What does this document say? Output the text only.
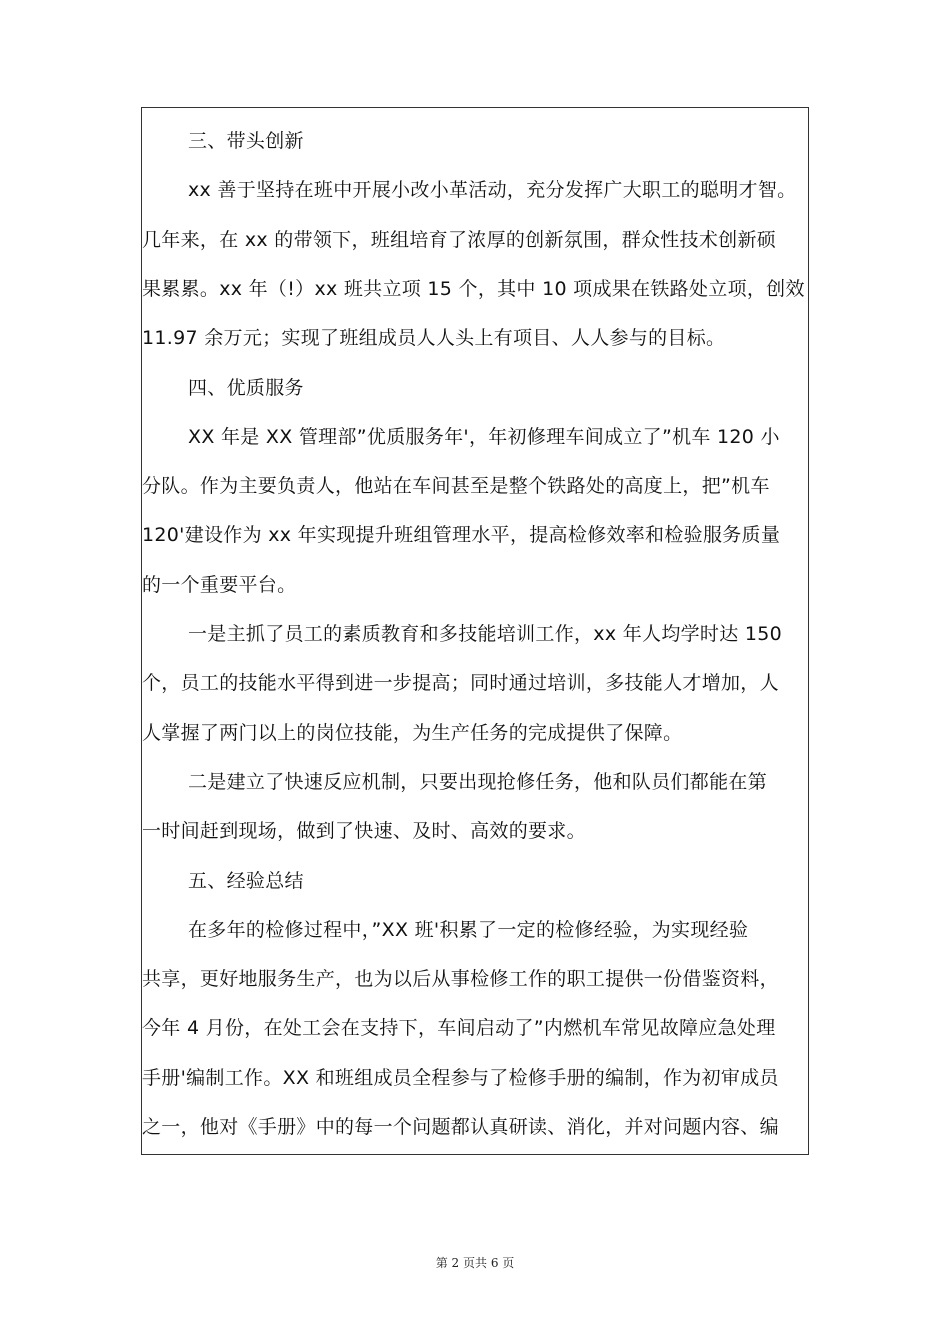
三、带头创新
xx 善于坚持在班中开展小改小革活动，充分发挥广大职工的聪明才智。
几年来，在 xx 的带领下，班组培育了浓厚的创新氛围，群众性技术创新硕
果累累。xx 年（!）xx 班共立项 15 个，其中 10 项成果在铁路处立项，创效
11.97 余万元；实现了班组成员人人头上有项目、人人参与的目标。
四、优质服务
XX 年是 XX 管理部”优质服务年'，年初修理车间成立了”机车 120 小
分队。作为主要负责人，他站在车间甚至是整个铁路处的高度上，把”机车
120'建设作为 xx 年实现提升班组管理水平，提高检修效率和检验服务质量
的一个重要平台。
一是主抓了员工的素质教育和多技能培训工作，xx 年人均学时达 150
个，员工的技能水平得到进一步提高；同时通过培训，多技能人才增加，人
人掌握了两门以上的岗位技能，为生产任务的完成提供了保障。
二是建立了快速反应机制，只要出现抢修任务，他和队员们都能在第
一时间赶到现场，做到了快速、及时、高效的要求。
五、经验总结
在多年的检修过程中，”XX 班'积累了一定的检修经验，为实现经验
共享，更好地服务生产，也为以后从事检修工作的职工提供一份借鉴资料，
今年 4 月份，在处工会在支持下，车间启动了”内燃机车常见故障应急处理
手册'编制工作。XX 和班组成员全程参与了检修手册的编制，作为初审成员
之一，他对《手册》中的每一个问题都认真研读、消化，并对问题内容、编
第 2 页共 6 页
